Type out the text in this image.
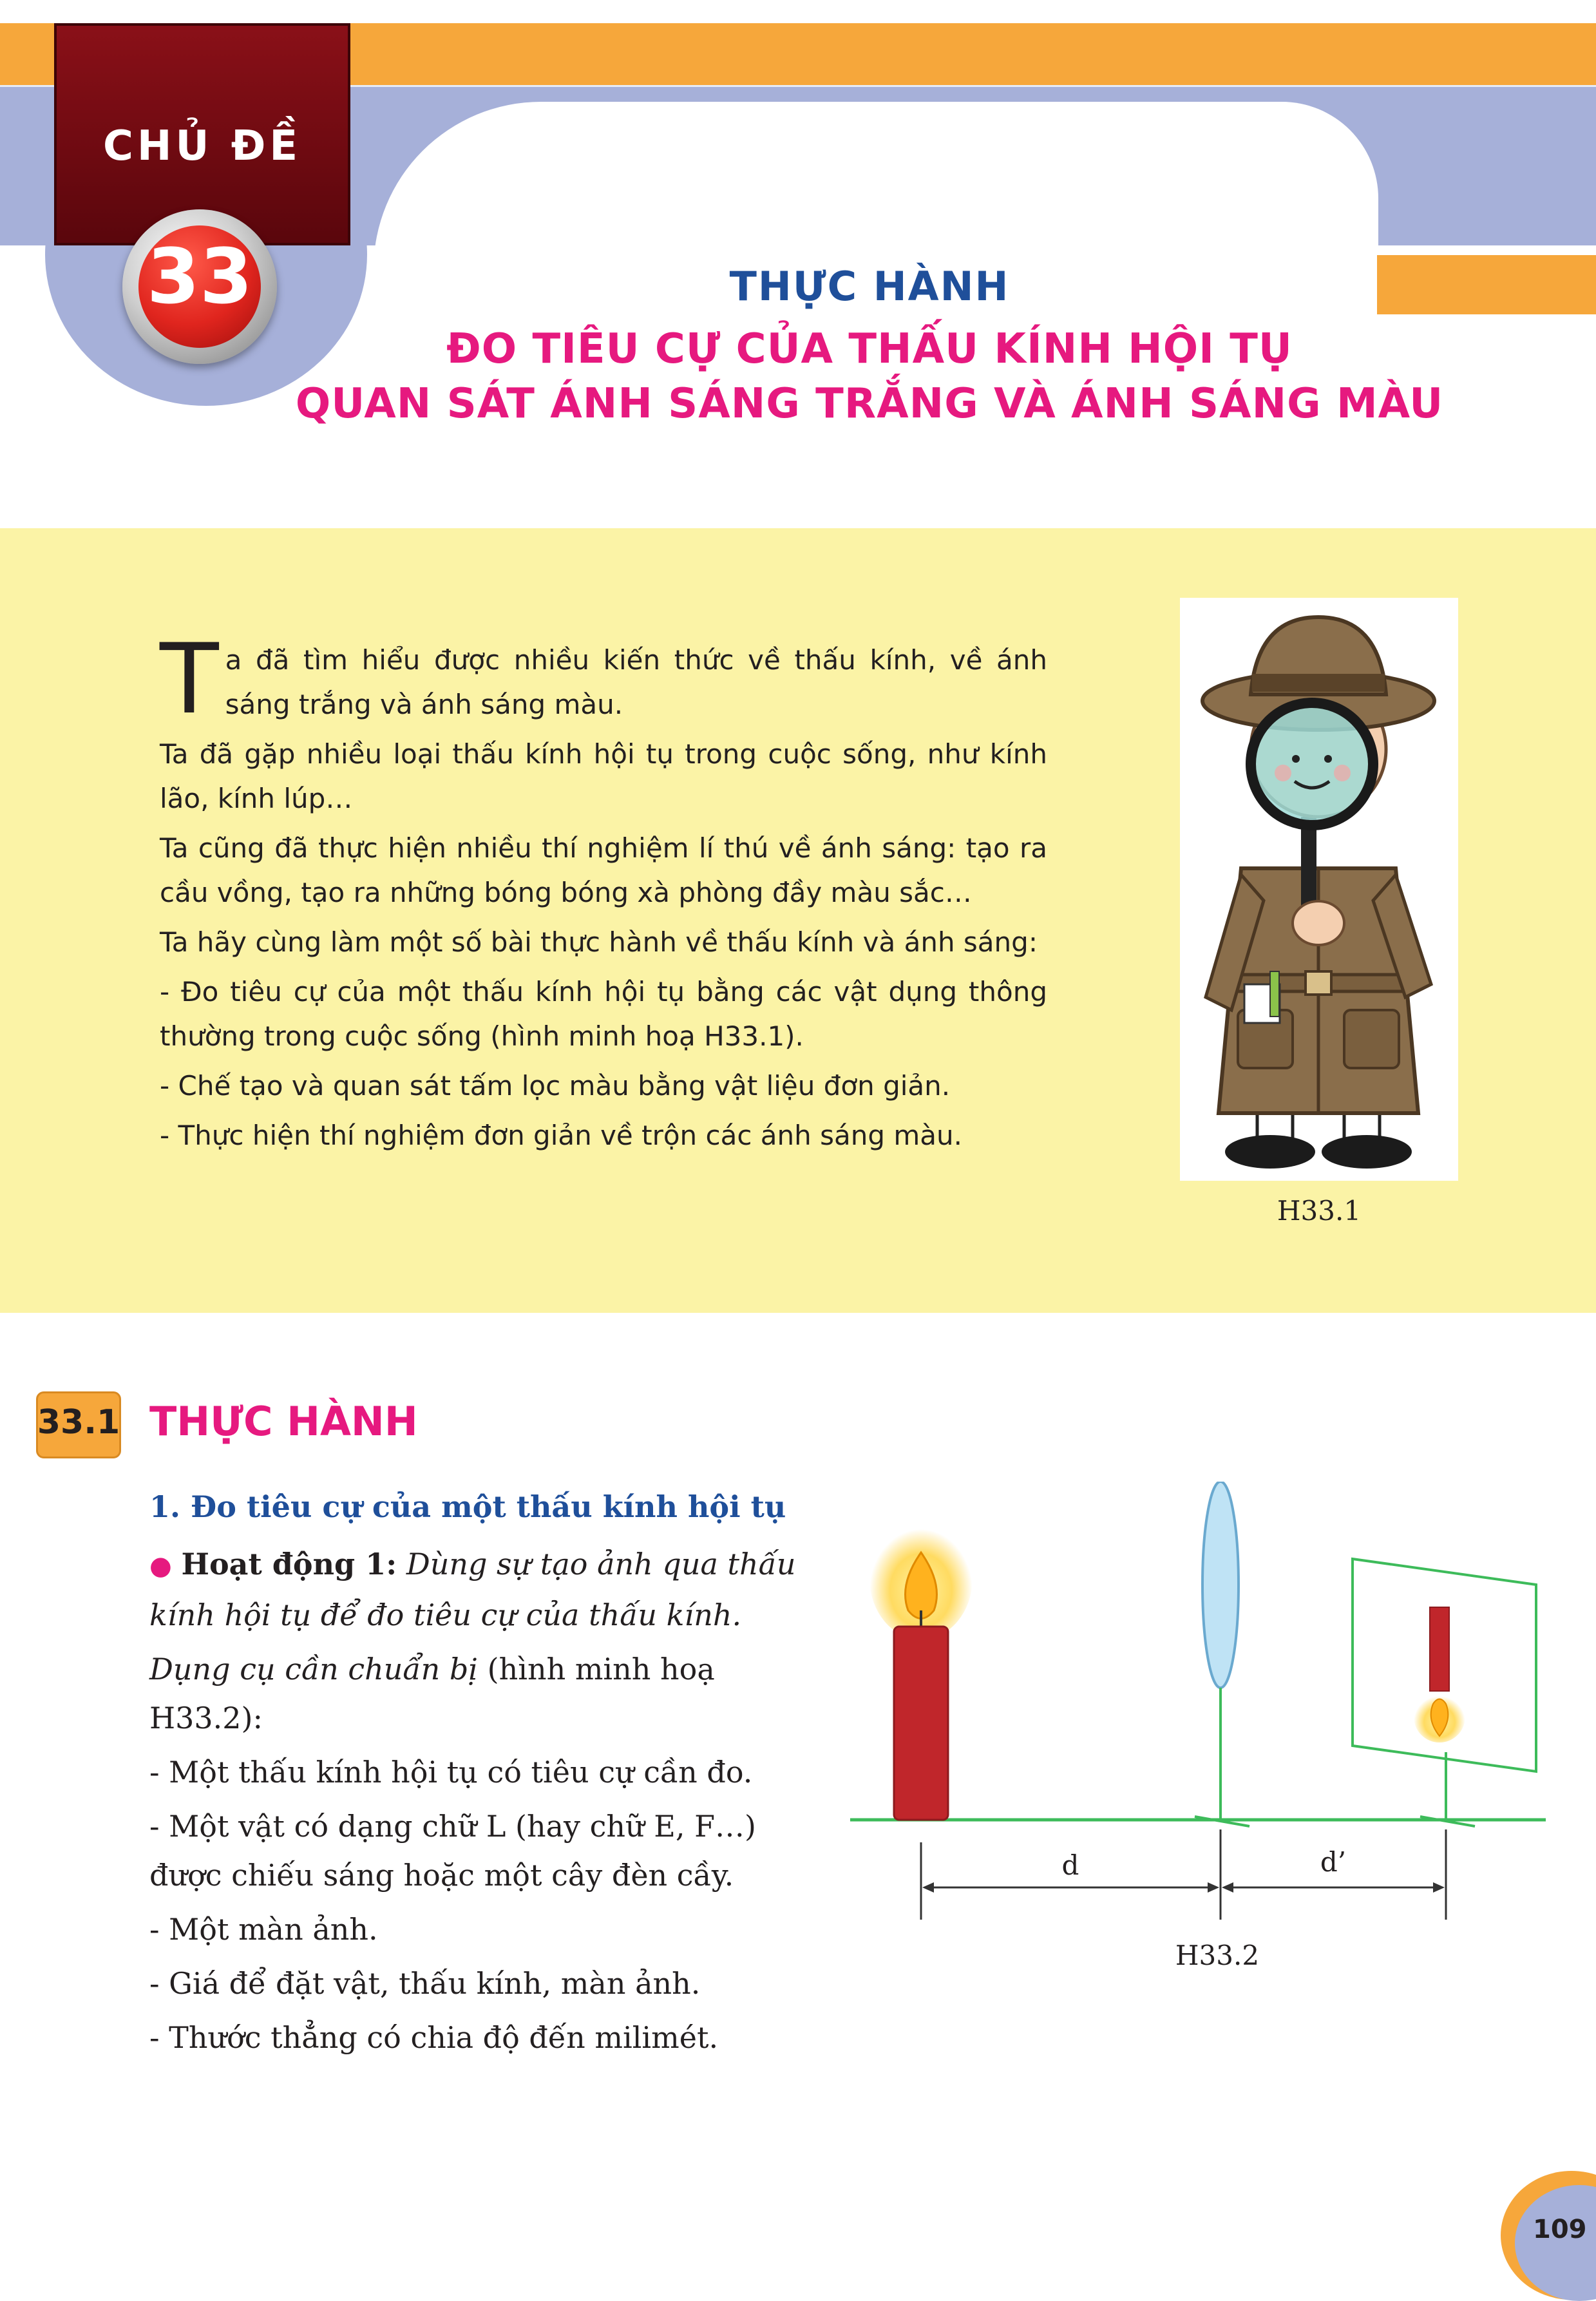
CHỦ ĐỀ
33	THỰC HÀNH
ĐO TIÊU CỰ CỦA THẤU KÍNH HỘI TỤ
QUAN SÁT ÁNH SÁNG TRẮNG VÀ ÁNH SÁNG MÀU

Ta đã tìm hiểu được nhiều kiến thức về thấu kính, về ánh sáng trắng và ánh sáng màu.

Ta đã gặp nhiều loại thấu kính hội tụ trong cuộc sống, như kính lão, kính lúp…

Ta cũng đã thực hiện nhiều thí nghiệm lí thú về ánh sáng: tạo ra cầu vồng, tạo ra những bóng bóng xà phòng đầy màu sắc…

Ta hãy cùng làm một số bài thực hành về thấu kính và ánh sáng:

- Đo tiêu cự của một thấu kính hội tụ bằng các vật dụng thông thường trong cuộc sống (hình minh hoạ H33.1).

- Chế tạo và quan sát tấm lọc màu bằng vật liệu đơn giản.

- Thực hiện thí nghiệm đơn giản về trộn các ánh sáng màu.

H33.1
33.1 THỰC HÀNH
1. Đo tiêu cự của một thấu kính hội tụ

● Hoạt động 1: Dùng sự tạo ảnh qua thấu kính hội tụ để đo tiêu cự của thấu kính.

Dụng cụ cần chuẩn bị (hình minh hoạ H33.2):

- Một thấu kính hội tụ có tiêu cự cần đo.

- Một vật có dạng chữ L (hay chữ E, F…) được chiếu sáng hoặc một cây đèn cầy.

- Một màn ảnh.

- Giá để đặt vật, thấu kính, màn ảnh.

- Thước thẳng có chia độ đến milimét.

d	d’
H33.2
109
